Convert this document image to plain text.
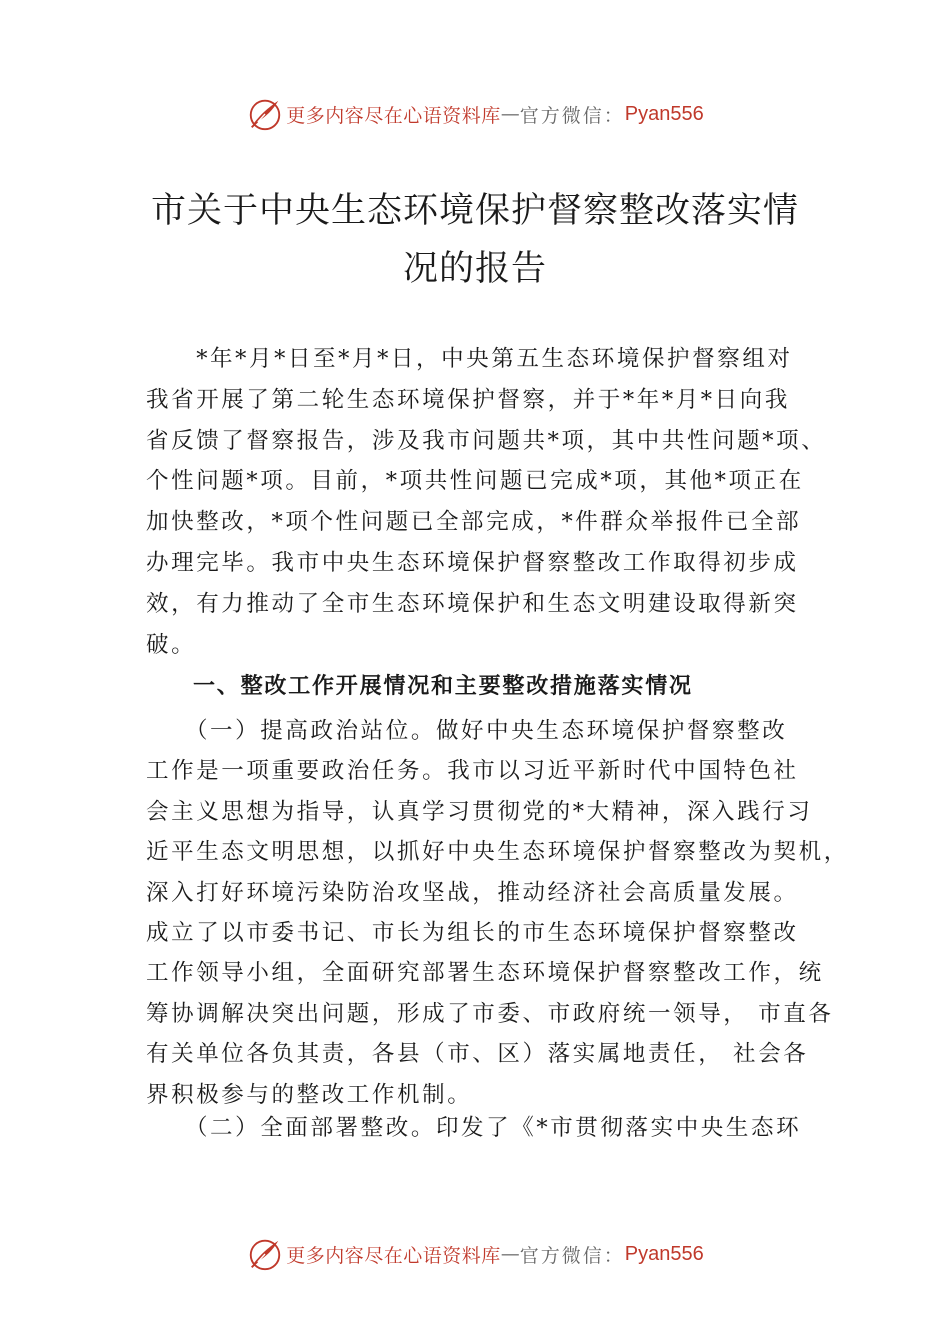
更多内容尽在心语资料库 — 官方微信： Pyan556
市关于中央生态环境保护督察整改落实情
况的报告

　　*年*月*日至*月*日，中央第五生态环境保护督察组对
我省开展了第二轮生态环境保护督察，并于*年*月*日向我
省反馈了督察报告，涉及我市问题共*项，其中共性问题*项、
个性问题*项。目前，*项共性问题已完成*项，其他*项正在
加快整改，*项个性问题已全部完成，*件群众举报件已全部
办理完毕。我市中央生态环境保护督察整改工作取得初步成
效，有力推动了全市生态环境保护和生态文明建设取得新突
破。

一、整改工作开展情况和主要整改措施落实情况

　　（一）提高政治站位。做好中央生态环境保护督察整改
工作是一项重要政治任务。我市以习近平新时代中国特色社
会主义思想为指导，认真学习贯彻党的*大精神，深入践行习
近平生态文明思想，以抓好中央生态环境保护督察整改为契机，
深入打好环境污染防治攻坚战，推动经济社会高质量发展。
成立了以市委书记、市长为组长的市生态环境保护督察整改
工作领导小组，全面研究部署生态环境保护督察整改工作，统
筹协调解决突出问题，形成了市委、市政府统一领导， 市直各
有关单位各负其责，各县（市、区）落实属地责任， 社会各
界积极参与的整改工作机制。

　　（二）全面部署整改。印发了《*市贯彻落实中央生态环

更多内容尽在心语资料库 — 官方微信： Pyan556
